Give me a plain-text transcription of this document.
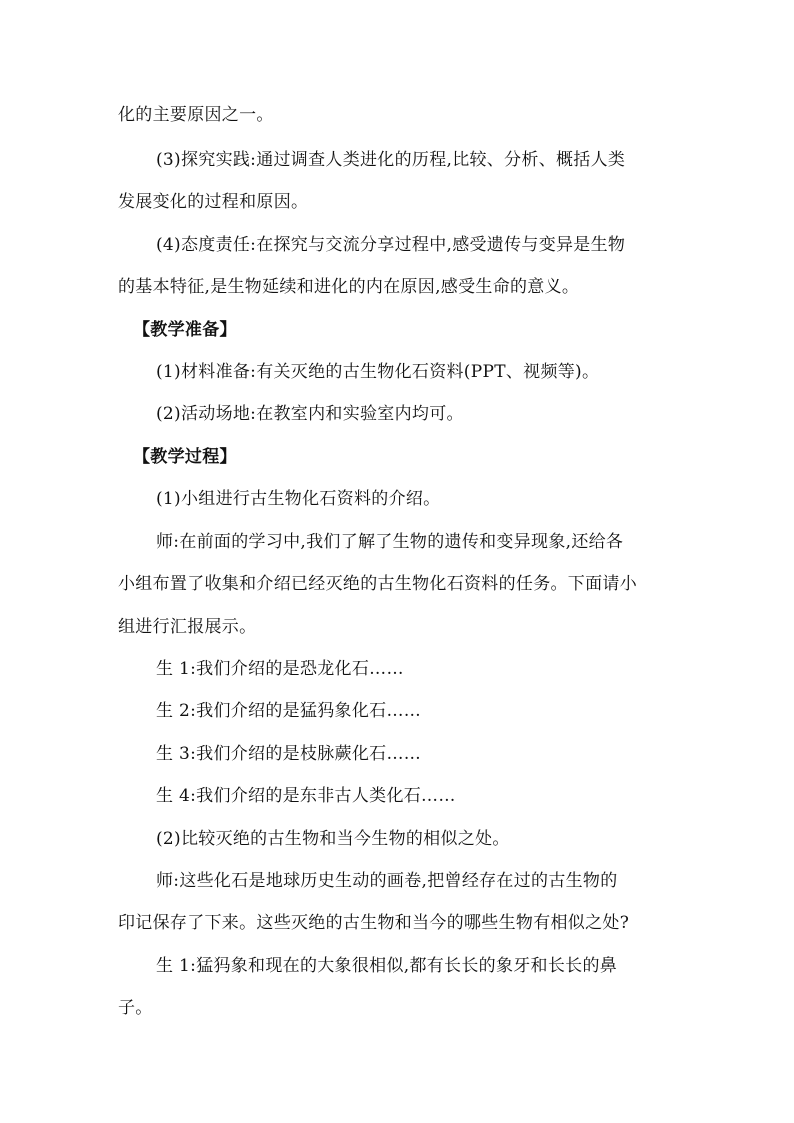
化的主要原因之一。
(3)探究实践:通过调查人类进化的历程,比较、分析、概括人类
发展变化的过程和原因。
(4)态度责任:在探究与交流分享过程中,感受遗传与变异是生物
的基本特征,是生物延续和进化的内在原因,感受生命的意义。
【教学准备】
(1)材料准备:有关灭绝的古生物化石资料(PPT、视频等)。
(2)活动场地:在教室内和实验室内均可。
【教学过程】
(1)小组进行古生物化石资料的介绍。
师:在前面的学习中,我们了解了生物的遗传和变异现象,还给各
小组布置了收集和介绍已经灭绝的古生物化石资料的任务。下面请小
组进行汇报展示。
生 1:我们介绍的是恐龙化石……
生 2:我们介绍的是猛犸象化石……
生 3:我们介绍的是枝脉蕨化石……
生 4:我们介绍的是东非古人类化石……
(2)比较灭绝的古生物和当今生物的相似之处。
师:这些化石是地球历史生动的画卷,把曾经存在过的古生物的
印记保存了下来。这些灭绝的古生物和当今的哪些生物有相似之处?
生 1:猛犸象和现在的大象很相似,都有长长的象牙和长长的鼻
子。
